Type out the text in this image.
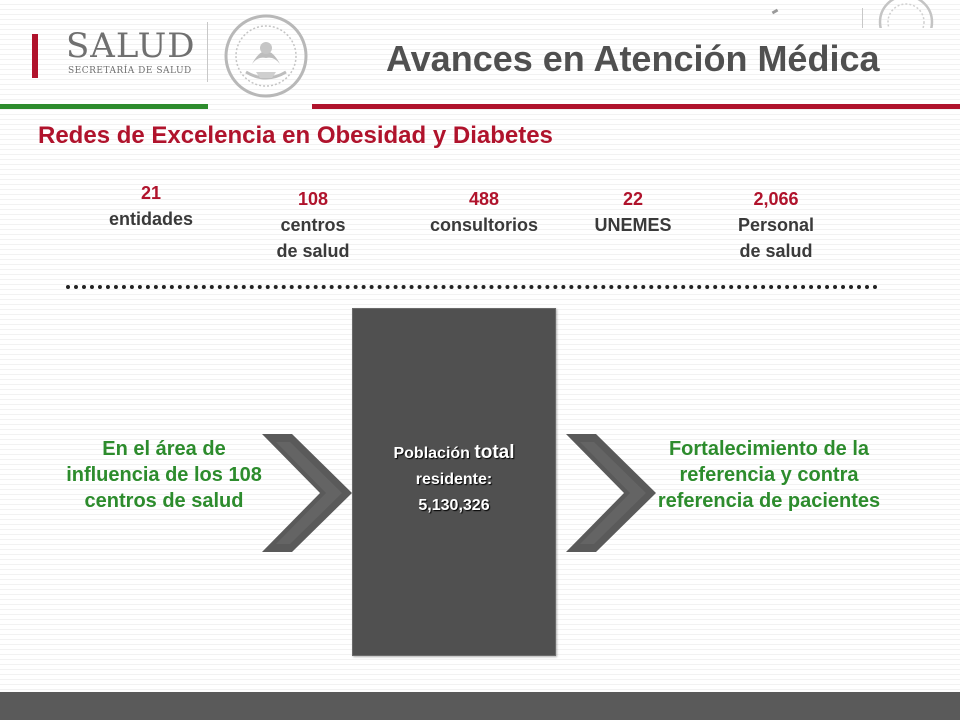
SALUD
SECRETARÍA DE SALUD	Avances en Atención Médica
Redes de Excelencia en Obesidad y Diabetes
21
entidades
108
centros
de salud
488
consultorios
22
UNEMES
2,066
Personal
de salud
En el área de influencia de los 108 centros de salud
Población total
residente:
5,130,326
Fortalecimiento de la referencia y contra referencia de pacientes
